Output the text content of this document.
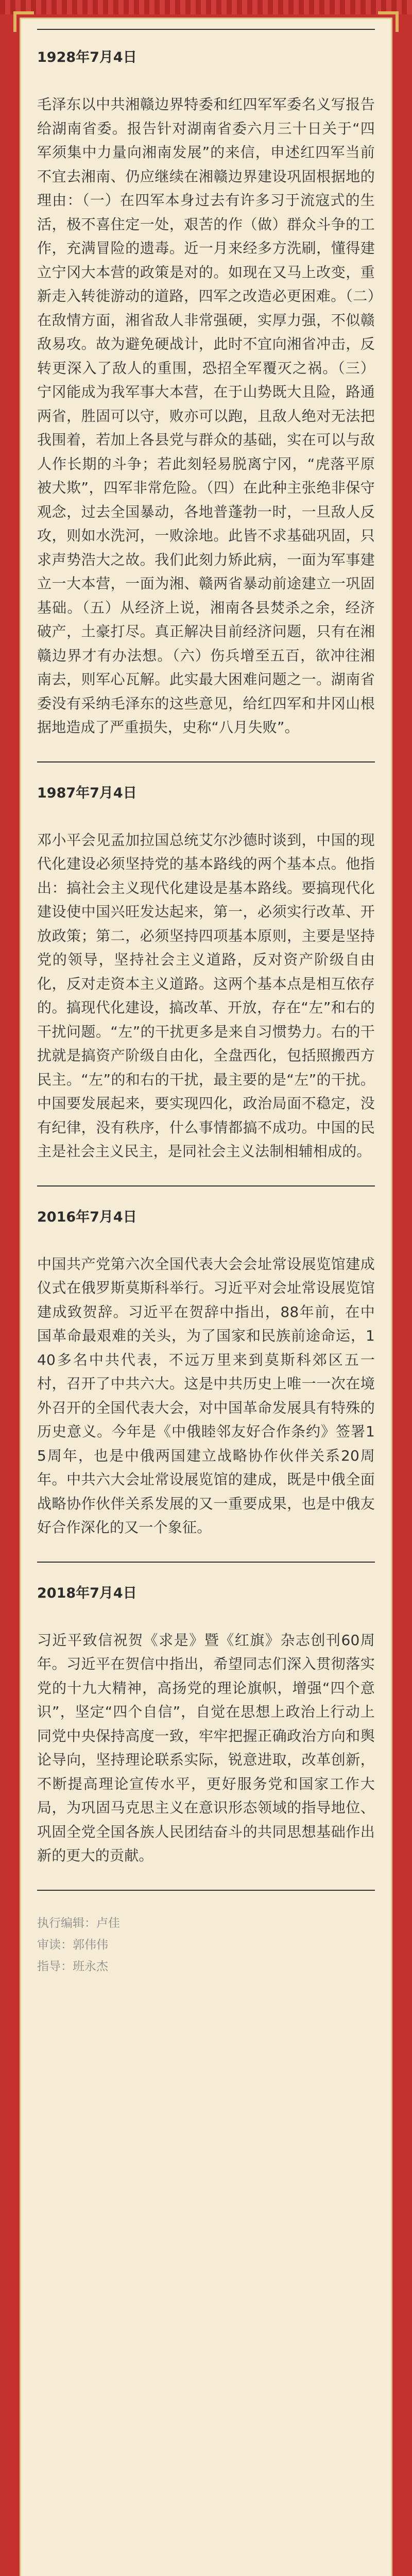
1928年7月4日

毛泽东以中共湘赣边界特委和红四军军委名义写报告给湖南省委。报告针对湖南省委六月三十日关于“四军须集中力量向湘南发展”的来信，申述红四军当前不宜去湘南、仍应继续在湘赣边界建设巩固根据地的理由：（一）在四军本身过去有许多习于流寇式的生活，极不喜住定一处，艰苦的作（做）群众斗争的工作，充满冒险的遗毒。近一月来经多方洗刷，懂得建立宁冈大本营的政策是对的。如现在又马上改变，重新走入转徙游动的道路，四军之改造必更困难。（二）在敌情方面，湘省敌人非常强硬，实厚力强，不似赣敌易攻。故为避免硬战计，此时不宜向湘省冲击，反转更深入了敌人的重围，恐招全军覆灭之祸。（三）宁冈能成为我军事大本营，在于山势既大且险，路通两省，胜固可以守，败亦可以跑，且敌人绝对无法把我围着，若加上各县党与群众的基础，实在可以与敌人作长期的斗争；若此刻轻易脱离宁冈，“虎落平原被犬欺”，四军非常危险。（四）在此种主张绝非保守观念，过去全国暴动，各地普蓬勃一时，一旦敌人反攻，则如水洗河，一败涂地。此皆不求基础巩固，只求声势浩大之故。我们此刻力矫此病，一面为军事建立一大本营，一面为湘、赣两省暴动前途建立一巩固基础。（五）从经济上说，湘南各县焚杀之余，经济破产，土豪打尽。真正解决目前经济问题，只有在湘赣边界才有办法想。（六）伤兵增至五百，欲冲往湘南去，则军心瓦解。此实最大困难问题之一。湖南省委没有采纳毛泽东的这些意见，给红四军和井冈山根据地造成了严重损失，史称“八月失败”。

1987年7月4日

邓小平会见孟加拉国总统艾尔沙德时谈到，中国的现代化建设必须坚持党的基本路线的两个基本点。他指出：搞社会主义现代化建设是基本路线。要搞现代化建设使中国兴旺发达起来，第一，必须实行改革、开放政策；第二，必须坚持四项基本原则，主要是坚持党的领导，坚持社会主义道路，反对资产阶级自由化，反对走资本主义道路。这两个基本点是相互依存的。搞现代化建设，搞改革、开放，存在“左”和右的干扰问题。“左”的干扰更多是来自习惯势力。右的干扰就是搞资产阶级自由化，全盘西化，包括照搬西方民主。“左”的和右的干扰，最主要的是“左”的干扰。中国要发展起来，要实现四化，政治局面不稳定，没有纪律，没有秩序，什么事情都搞不成功。中国的民主是社会主义民主，是同社会主义法制相辅相成的。

2016年7月4日

中国共产党第六次全国代表大会会址常设展览馆建成仪式在俄罗斯莫斯科举行。习近平对会址常设展览馆建成致贺辞。习近平在贺辞中指出，88年前，在中国革命最艰难的关头，为了国家和民族前途命运，140多名中共代表，不远万里来到莫斯科郊区五一村，召开了中共六大。这是中共历史上唯一一次在境外召开的全国代表大会，对中国革命发展具有特殊的历史意义。今年是《中俄睦邻友好合作条约》签署15周年，也是中俄两国建立战略协作伙伴关系20周年。中共六大会址常设展览馆的建成，既是中俄全面战略协作伙伴关系发展的又一重要成果，也是中俄友好合作深化的又一个象征。

2018年7月4日

习近平致信祝贺《求是》暨《红旗》杂志创刊60周年。习近平在贺信中指出，希望同志们深入贯彻落实党的十九大精神，高扬党的理论旗帜，增强“四个意识”，坚定“四个自信”，自觉在思想上政治上行动上同党中央保持高度一致，牢牢把握正确政治方向和舆论导向，坚持理论联系实际，锐意进取，改革创新，不断提高理论宣传水平，更好服务党和国家工作大局，为巩固马克思主义在意识形态领域的指导地位、巩固全党全国各族人民团结奋斗的共同思想基础作出新的更大的贡献。

执行编辑：卢佳
审读：郭伟伟
指导：班永杰
